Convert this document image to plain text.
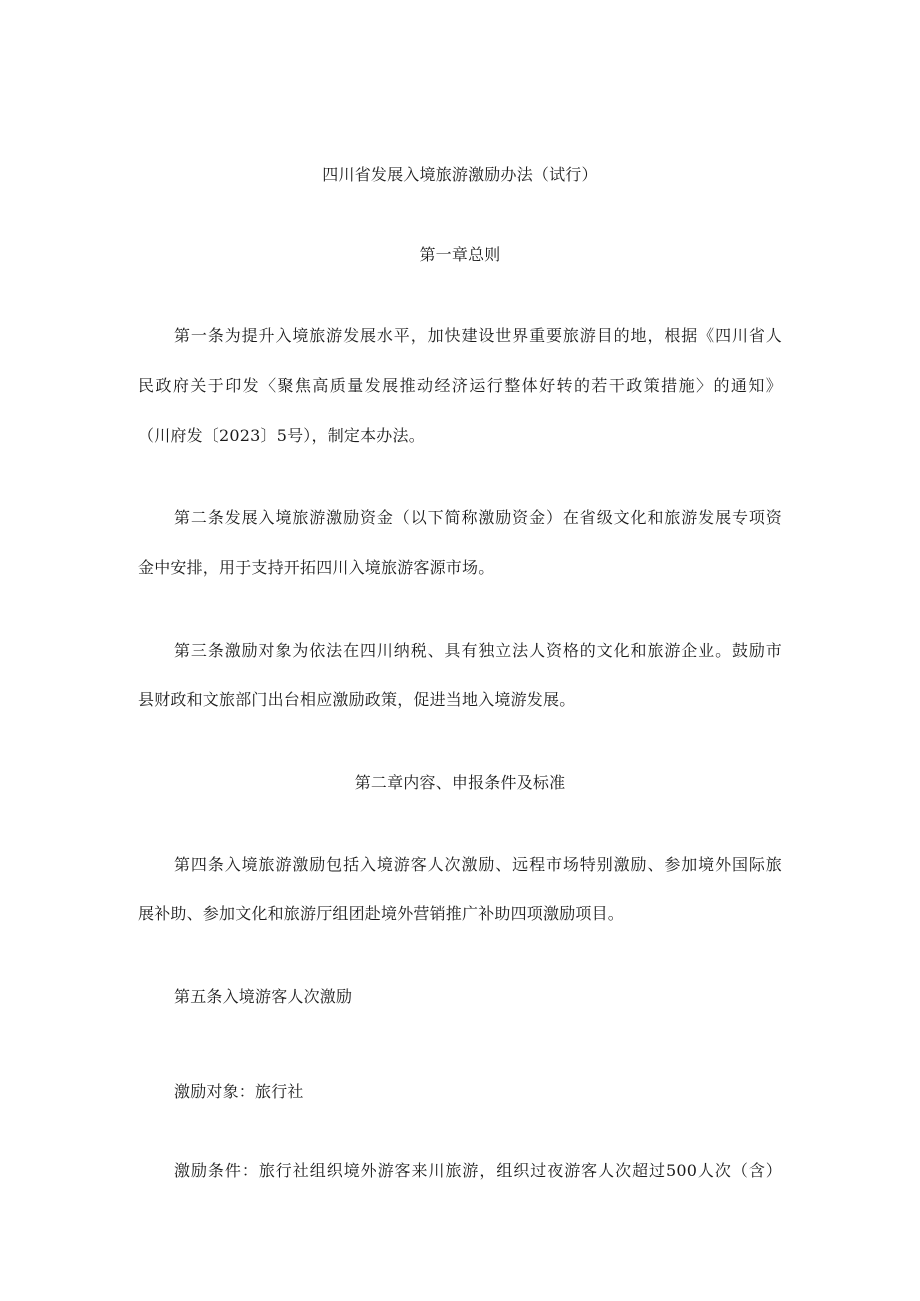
四川省发展入境旅游激励办法（试行）
第一章总则
第一条为提升入境旅游发展水平，加快建设世界重要旅游目的地，根据《四川省人
民政府关于印发〈聚焦高质量发展推动经济运行整体好转的若干政策措施〉的通知》
（川府发〔2023〕5号），制定本办法。
第二条发展入境旅游激励资金（以下简称激励资金）在省级文化和旅游发展专项资
金中安排，用于支持开拓四川入境旅游客源市场。
第三条激励对象为依法在四川纳税、具有独立法人资格的文化和旅游企业。鼓励市
县财政和文旅部门出台相应激励政策，促进当地入境游发展。
第二章内容、申报条件及标准
第四条入境旅游激励包括入境游客人次激励、远程市场特别激励、参加境外国际旅
展补助、参加文化和旅游厅组团赴境外营销推广补助四项激励项目。
第五条入境游客人次激励
激励对象：旅行社
激励条件：旅行社组织境外游客来川旅游，组织过夜游客人次超过500人次（含）
